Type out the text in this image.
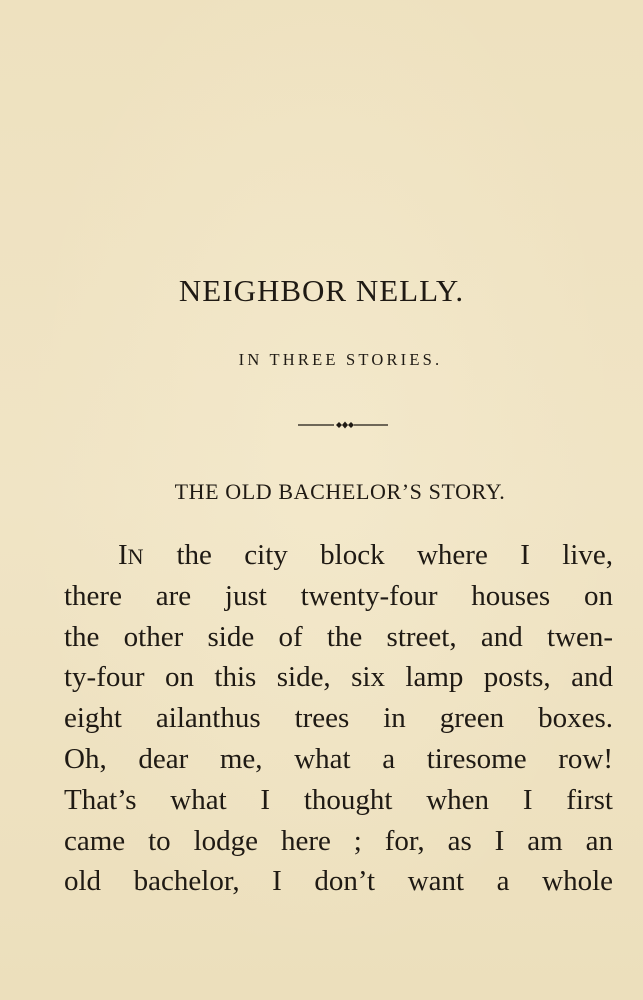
NEIGHBOR NELLY.

IN THREE STORIES.

THE OLD BACHELOR’S STORY.
IN the city block where I live,
there are just twenty-four houses on
the other side of the street, and twen-
ty-four on this side, six lamp posts, and
eight ailanthus trees in green boxes.
Oh, dear me, what a tiresome row!
That’s what I thought when I first
came to lodge here ; for, as I am an
old bachelor, I don’t want a whole
